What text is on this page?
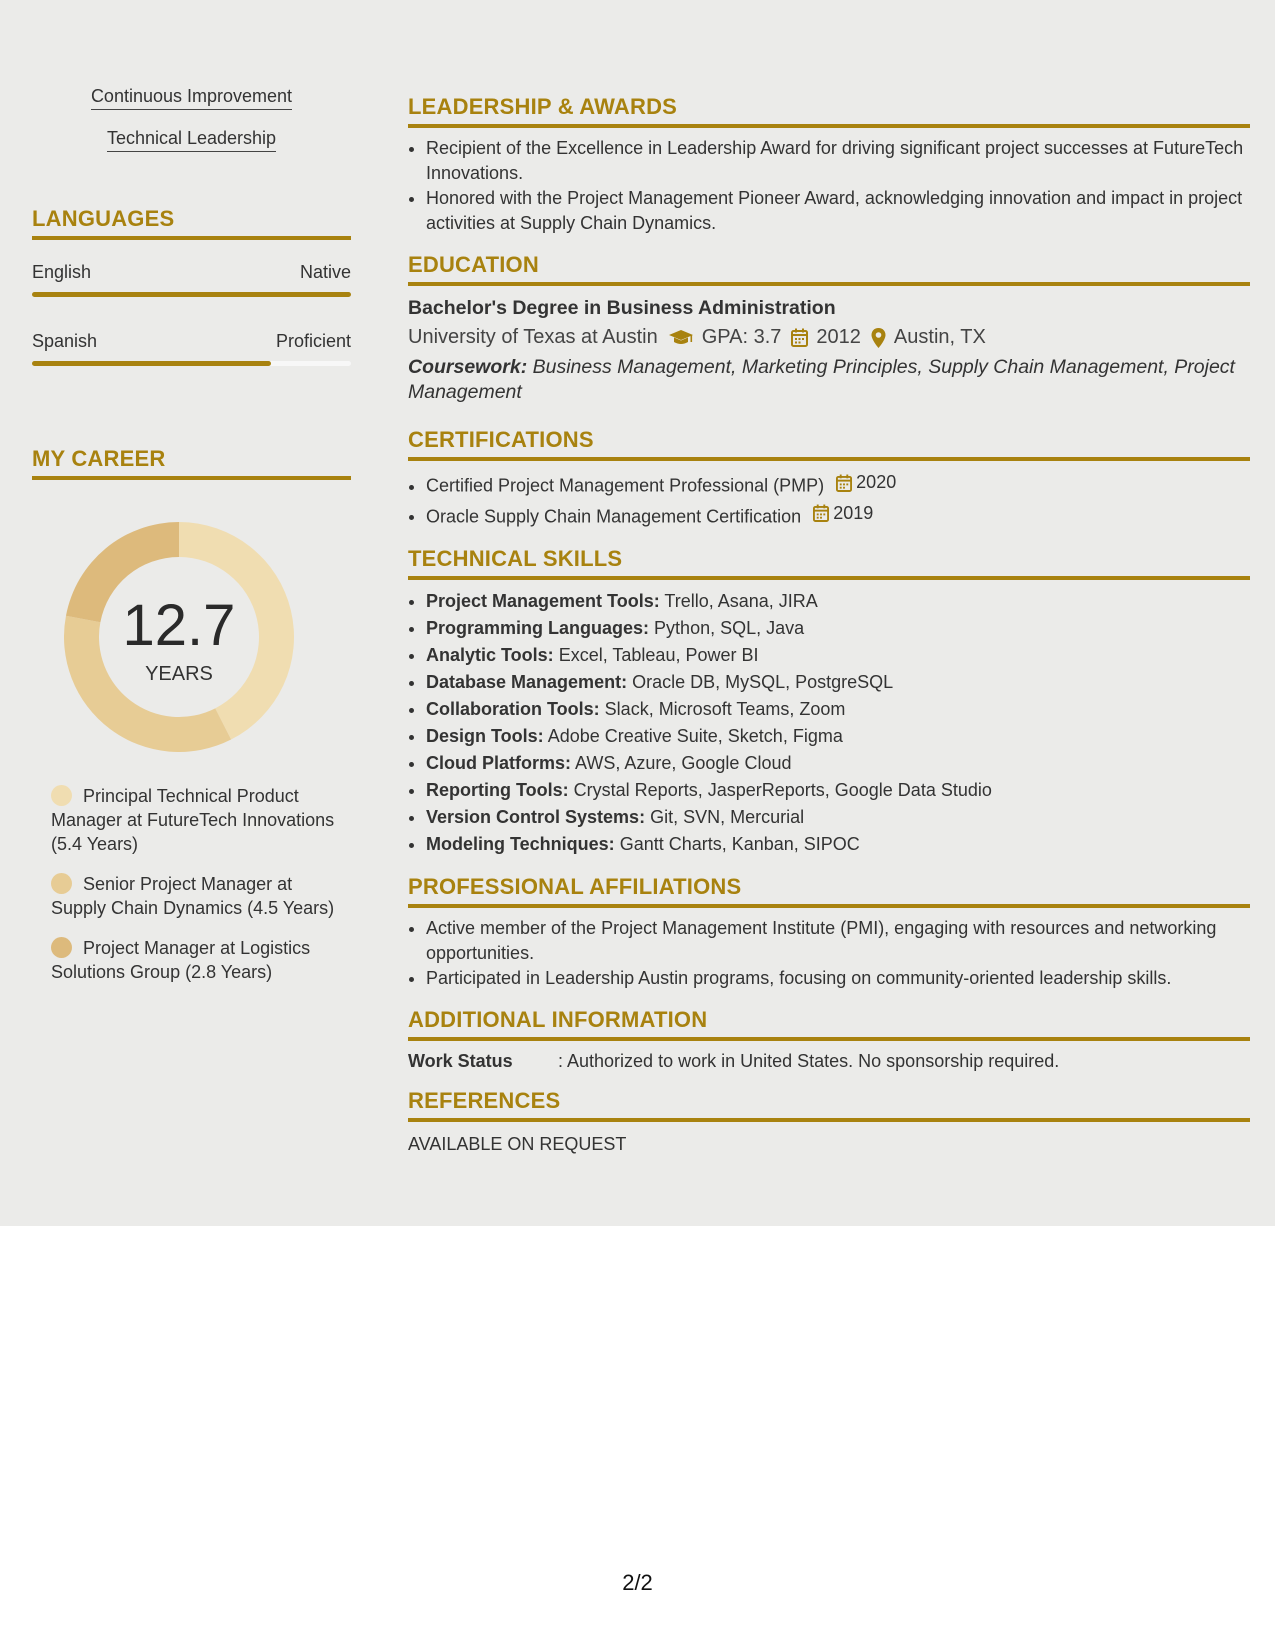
Continuous Improvement
Technical Leadership
LANGUAGES
English	Native
Spanish	Proficient
MY CAREER
12.7
YEARS
Principal Technical Product Manager at FutureTech Innovations (5.4 Years)
Senior Project Manager at Supply Chain Dynamics (4.5 Years)
Project Manager at Logistics Solutions Group (2.8 Years)
LEADERSHIP & AWARDS
• Recipient of the Excellence in Leadership Award for driving significant project successes at FutureTech Innovations.
• Honored with the Project Management Pioneer Award, acknowledging innovation and impact in project activities at Supply Chain Dynamics.
EDUCATION
Bachelor's Degree in Business Administration
University of Texas at Austin GPA: 3.7 2012 Austin, TX
Coursework: Business Management, Marketing Principles, Supply Chain Management, Project Management
CERTIFICATIONS
• Certified Project Management Professional (PMP) 2020
• Oracle Supply Chain Management Certification 2019
TECHNICAL SKILLS
• Project Management Tools: Trello, Asana, JIRA
• Programming Languages: Python, SQL, Java
• Analytic Tools: Excel, Tableau, Power BI
• Database Management: Oracle DB, MySQL, PostgreSQL
• Collaboration Tools: Slack, Microsoft Teams, Zoom
• Design Tools: Adobe Creative Suite, Sketch, Figma
• Cloud Platforms: AWS, Azure, Google Cloud
• Reporting Tools: Crystal Reports, JasperReports, Google Data Studio
• Version Control Systems: Git, SVN, Mercurial
• Modeling Techniques: Gantt Charts, Kanban, SIPOC
PROFESSIONAL AFFILIATIONS
• Active member of the Project Management Institute (PMI), engaging with resources and networking opportunities.
• Participated in Leadership Austin programs, focusing on community-oriented leadership skills.
ADDITIONAL INFORMATION
Work Status	: Authorized to work in United States. No sponsorship required.
REFERENCES
AVAILABLE ON REQUEST
2/2
